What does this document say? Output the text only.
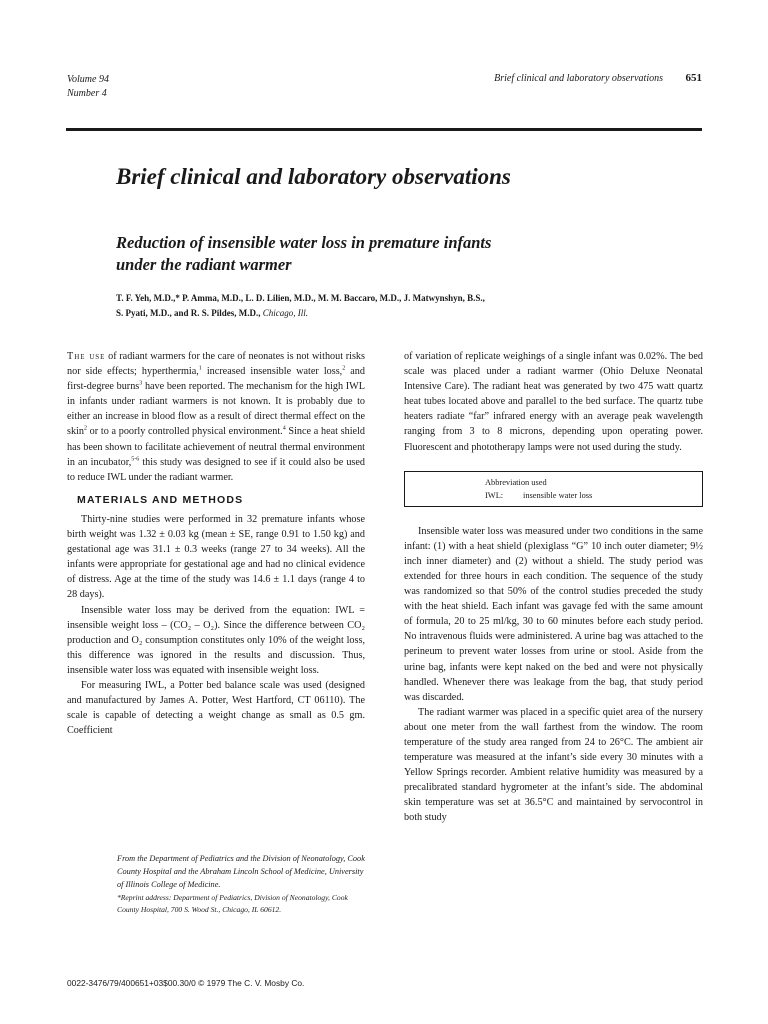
Volume 94
Number 4
Brief clinical and laboratory observations 651
Brief clinical and laboratory observations
Reduction of insensible water loss in premature infants
under the radiant warmer
T. F. Yeh, M.D.,* P. Amma, M.D., L. D. Lilien, M.D., M. M. Baccaro, M.D., J. Matwynshyn, B.S.,
S. Pyati, M.D., and R. S. Pildes, M.D., Chicago, Ill.

The use of radiant warmers for the care of neonates is not without risks nor side effects; hyperthermia,$^1$ increased insensible water loss,$^2$ and first-degree burns$^3$ have been reported. The mechanism for the high IWL in infants under radiant warmers is not known. It is probably due to either an increase in blood flow as a result of direct thermal effect on the skin$^2$ or to a poorly controlled physical environment.$^4$ Since a heat shield has been shown to facilitate achievement of neutral thermal environment in an incubator,$^{5-6}$ this study was designed to see if it could also be used to reduce IWL under the radiant warmer.

MATERIALS AND METHODS

Thirty-nine studies were performed in 32 premature infants whose birth weight was 1.32 ± 0.03 kg (mean ± SE, range 0.91 to 1.50 kg) and gestational age was 31.1 ± 0.3 weeks (range 27 to 34 weeks). All the infants were appropriate for gestational age and had no clinical evidence of distress. Age at the time of the study was 14.6 ± 1.1 days (range 4 to 28 days).

Insensible water loss may be derived from the equation: IWL = insensible weight loss – (CO₂ – O₂). Since the difference between CO₂ production and O₂ consumption constitutes only 10% of the weight loss, this difference was ignored in the results and discussion. Thus, insensible water loss was equated with insensible weight loss.

For measuring IWL, a Potter bed balance scale was used (designed and manufactured by James A. Potter, West Hartford, CT 06110). The scale is capable of detecting a weight change as small as 0.5 gm. Coefficient

of variation of replicate weighings of a single infant was 0.02%. The bed scale was placed under a radiant warmer (Ohio Deluxe Neonatal Intensive Care). The radiant heat was generated by two 475 watt quartz heat tubes located above and parallel to the bed surface. The quartz tube heaters radiate “far” infrared energy with an average peak wavelength ranging from 3 to 8 microns, depending upon operating power. Fluorescent and phototherapy lamps were not used during the study.

Abbreviation used
IWL: insensible water loss

Insensible water loss was measured under two conditions in the same infant: (1) with a heat shield (plexiglass “G” 10 inch outer diameter; 9½ inch inner diameter) and (2) without a shield. The study period was extended for three hours in each condition. The sequence of the study was randomized so that 50% of the control studies preceded the study with the heat shield. Each infant was gavage fed with the same amount of formula, 20 to 25 ml/kg, 30 to 60 minutes before each study period. No intravenous fluids were administered. A urine bag was attached to the perineum to prevent water losses from urine or stool. Aside from the urine bag, infants were kept naked on the bed and were not physically handled. Whenever there was leakage from the bag, that study period was discarded.

The radiant warmer was placed in a specific quiet area of the nursery about one meter from the wall farthest from the window. The room temperature of the study area ranged from 24 to 26°C. The ambient air temperature was measured at the infant’s side every 30 minutes with a Yellow Springs recorder. Ambient relative humidity was measured by a precalibrated standard hygrometer at the infant’s side. The abdominal skin temperature was set at 36.5°C and maintained by servocontrol in both study

From the Department of Pediatrics and the Division of Neonatology, Cook County Hospital and the Abraham Lincoln School of Medicine, University of Illinois College of Medicine.
*Reprint address: Department of Pediatrics, Division of Neonatology, Cook County Hospital, 700 S. Wood St., Chicago, IL 60612.
0022-3476/79/400651+03$00.30/0 © 1979 The C. V. Mosby Co.
